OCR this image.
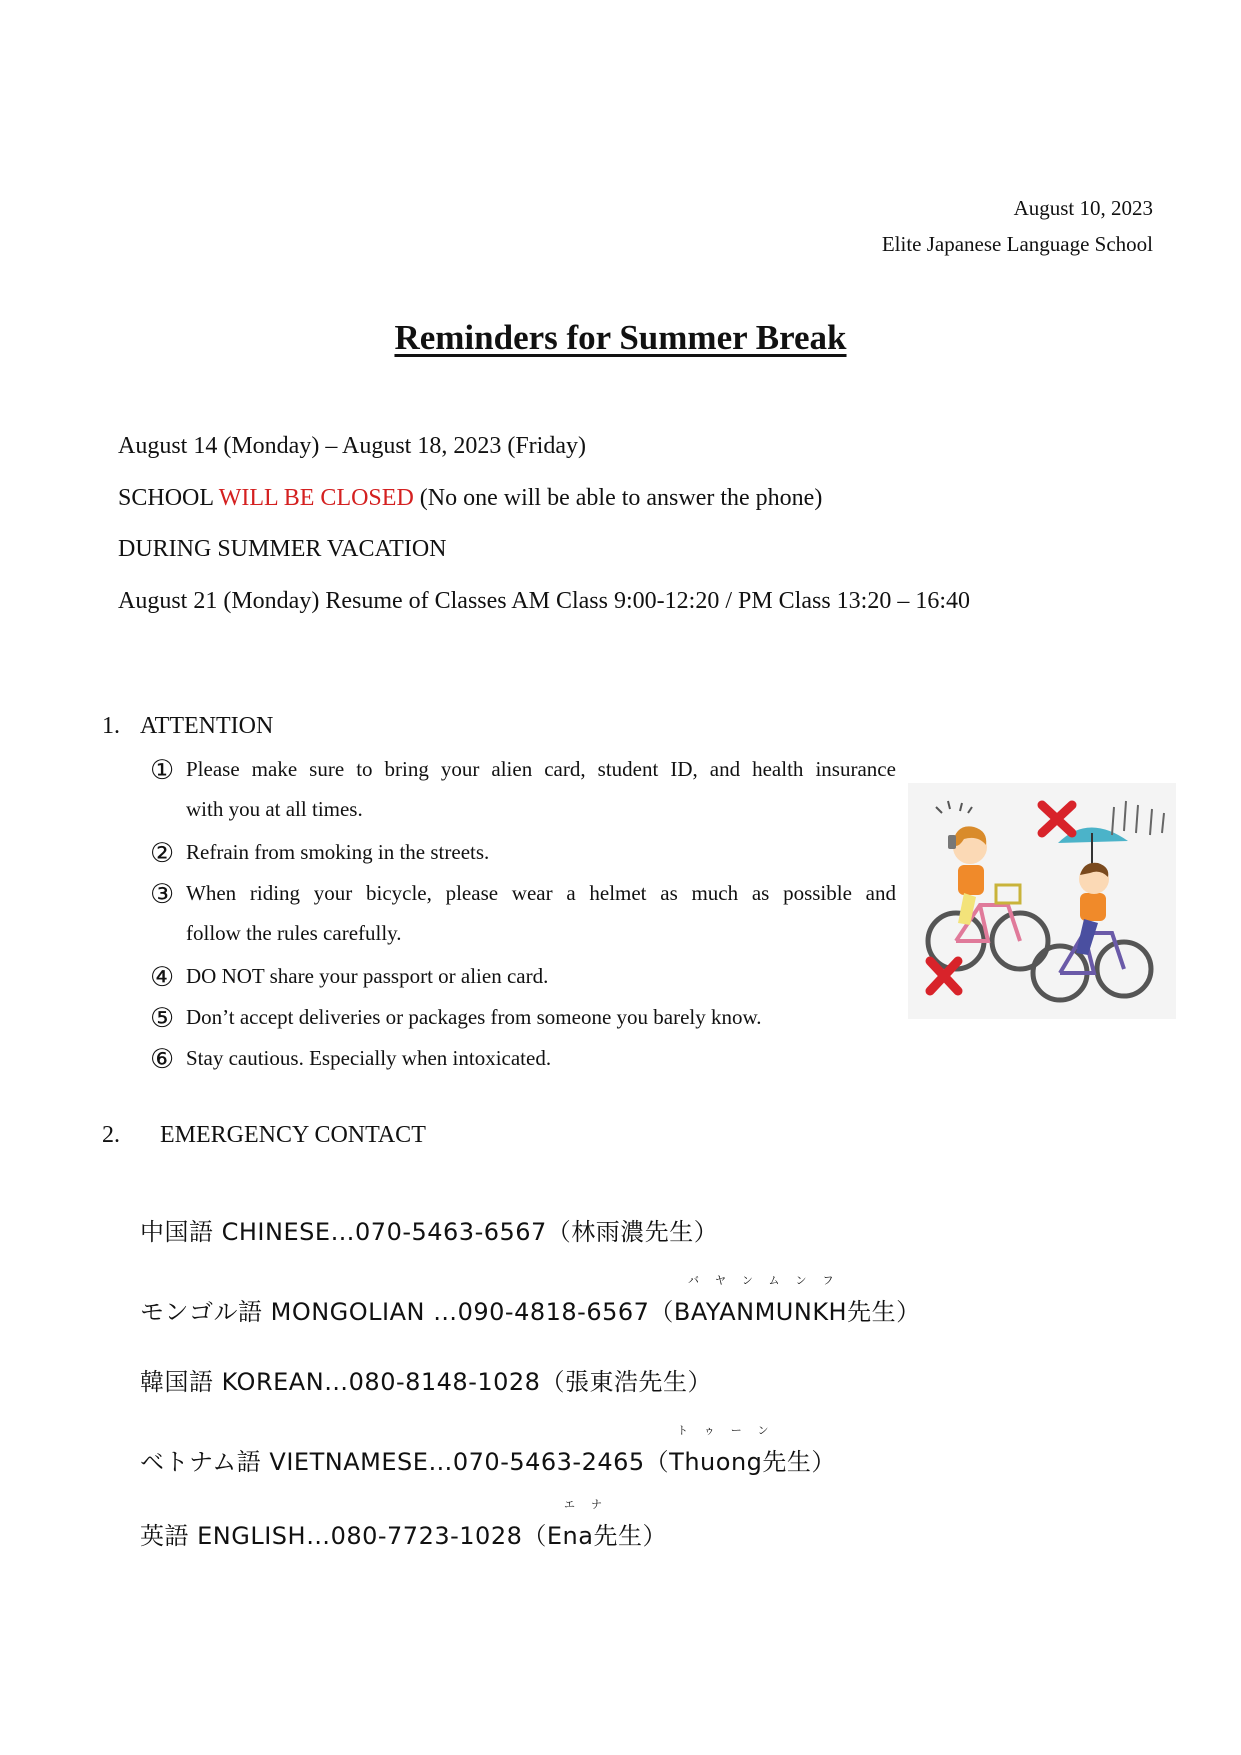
August 10, 2023
Elite Japanese Language School
Reminders for Summer Break
August 14 (Monday) – August 18, 2023 (Friday)
SCHOOL WILL BE CLOSED (No one will be able to answer the phone)
DURING SUMMER VACATION
August 21 (Monday) Resume of Classes AM Class 9:00-12:20 / PM Class 13:20 – 16:40
1. ATTENTION
① Please make sure to bring your alien card, student ID, and health insurance
with you at all times.
② Refrain from smoking in the streets.
③ When riding your bicycle, please wear a helmet as much as possible and
follow the rules carefully.
④ DO NOT share your passport or alien card.
⑤ Don’t accept deliveries or packages from someone you barely know.
⑥ Stay cautious. Especially when intoxicated.
2. EMERGENCY CONTACT
中国語 CHINESE…070-5463-6567（林雨濃先生）
バヤンムンフ
モンゴル語 MONGOLIAN …090-4818-6567（BAYANMUNKH先生）
韓国語 KOREAN…080-8148-1028（張東浩先生）
トゥーン
ベトナム語 VIETNAMESE…070-5463-2465（Thuong先生）
エナ
英語 ENGLISH…080-7723-1028（Ena先生）
